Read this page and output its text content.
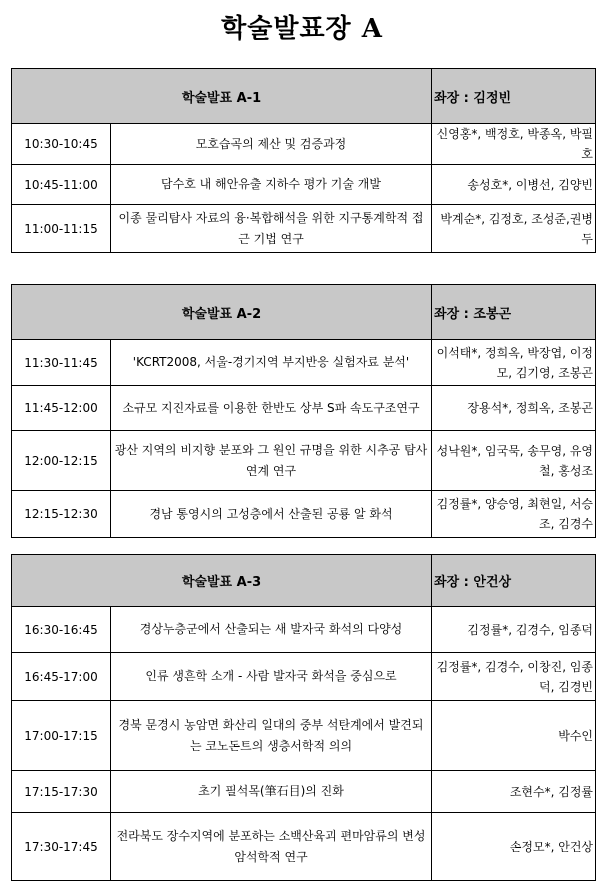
학술발표장 A
학술발표 A-1		좌장 : 김정빈
10:30-10:45	모호습곡의 제산 및 검증과정	신영홍*, 백정호, 박종옥, 박필호
10:45-11:00	담수호 내 해안유출 지하수 평가 기술 개발	송성호*, 이병선, 김양빈
11:00-11:15	이종 물리탐사 자료의 융·복합해석을 위한 지구통계학적 접근 기법 연구	박계순*, 김정호, 조성준,권병두
학술발표 A-2		좌장 : 조봉곤
11:30-11:45	'KCRT2008, 서울-경기지역 부지반응 실험자료 분석'	이석태*, 정희옥, 박장엽, 이정모, 김기영, 조봉곤
11:45-12:00	소규모 지진자료를 이용한 한반도 상부 S파 속도구조연구	장용석*, 정희옥, 조봉곤
12:00-12:15	광산 지역의 비지향 분포와 그 원인 규명을 위한 시추공 탐사 연계 연구	성낙원*, 임국묵, 송무영, 유영철, 홍성조
12:15-12:30	경남 통영시의 고성층에서 산출된 공룡 알 화석	김정률*, 양승영, 최현일, 서승조, 김경수
학술발표 A-3		좌장 : 안건상
16:30-16:45	경상누층군에서 산출되는 새 발자국 화석의 다양성	김정률*, 김경수, 임종덕
16:45-17:00	인류 생흔학 소개 - 사람 발자국 화석을 중심으로	김정률*, 김경수, 이창진, 임종덕, 김경빈
17:00-17:15	경북 문경시 농암면 화산리 일대의 중부 석탄계에서 발견되는 코노돈트의 생층서학적 의의	박수인
17:15-17:30	초기 필석목(筆石目)의 진화	조현수*, 김정률
17:30-17:45	전라북도 장수지역에 분포하는 소백산육괴 편마암류의 변성암석학적 연구	손정모*, 안건상
